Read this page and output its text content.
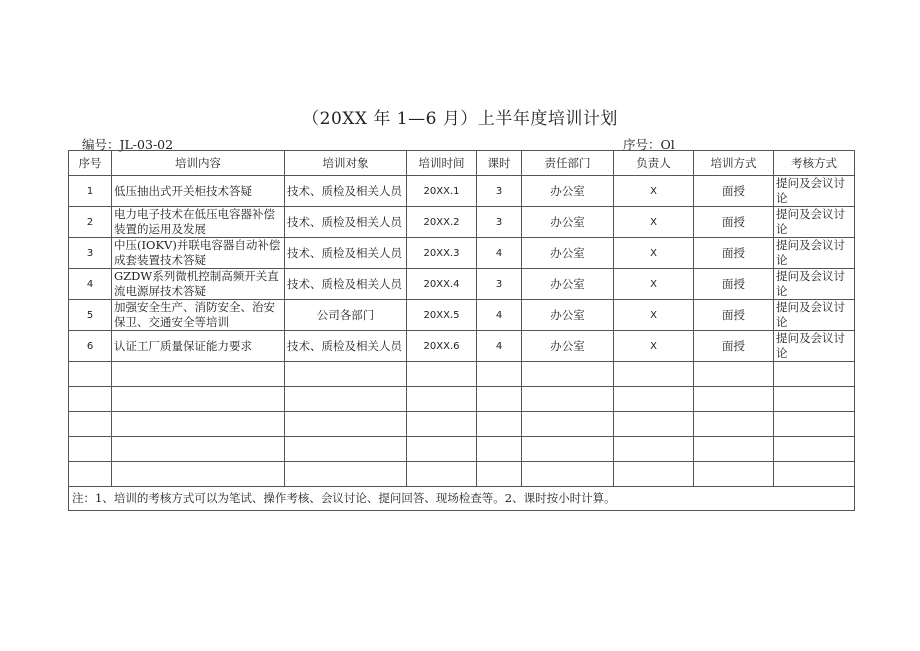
（20XX 年 1—6 月）上半年度培训计划
编号：JL-03-02	序号：Ol
序号	培训内容	培训对象	培训时间	课时	责任部门	负责人	培训方式	考核方式
1	低压抽出式开关柜技术答疑	技术、质检及相关人员	20XX.1	3	办公室	X	面授	提问及会议讨论
2	电力电子技术在低压电容器补偿装置的运用及发展	技术、质检及相关人员	20XX.2	3	办公室	X	面授	提问及会议讨论
3	中压(IOKV)并联电容器自动补偿成套装置技术答疑	技术、质检及相关人员	20XX.3	4	办公室	X	面授	提问及会议讨论
4	GZDW系列微机控制高频开关直流电源屏技术答疑	技术、质检及相关人员	20XX.4	3	办公室	X	面授	提问及会议讨论
5	加强安全生产、消防安全、治安保卫、交通安全等培训	公司各部门	20XX.5	4	办公室	X	面授	提问及会议讨论
6	认证工厂质量保证能力要求	技术、质检及相关人员	20XX.6	4	办公室	X	面授	提问及会议讨论

注：1、培训的考核方式可以为笔试、操作考核、会议讨论、提问回答、现场检查等。2、课时按小时计算。								
